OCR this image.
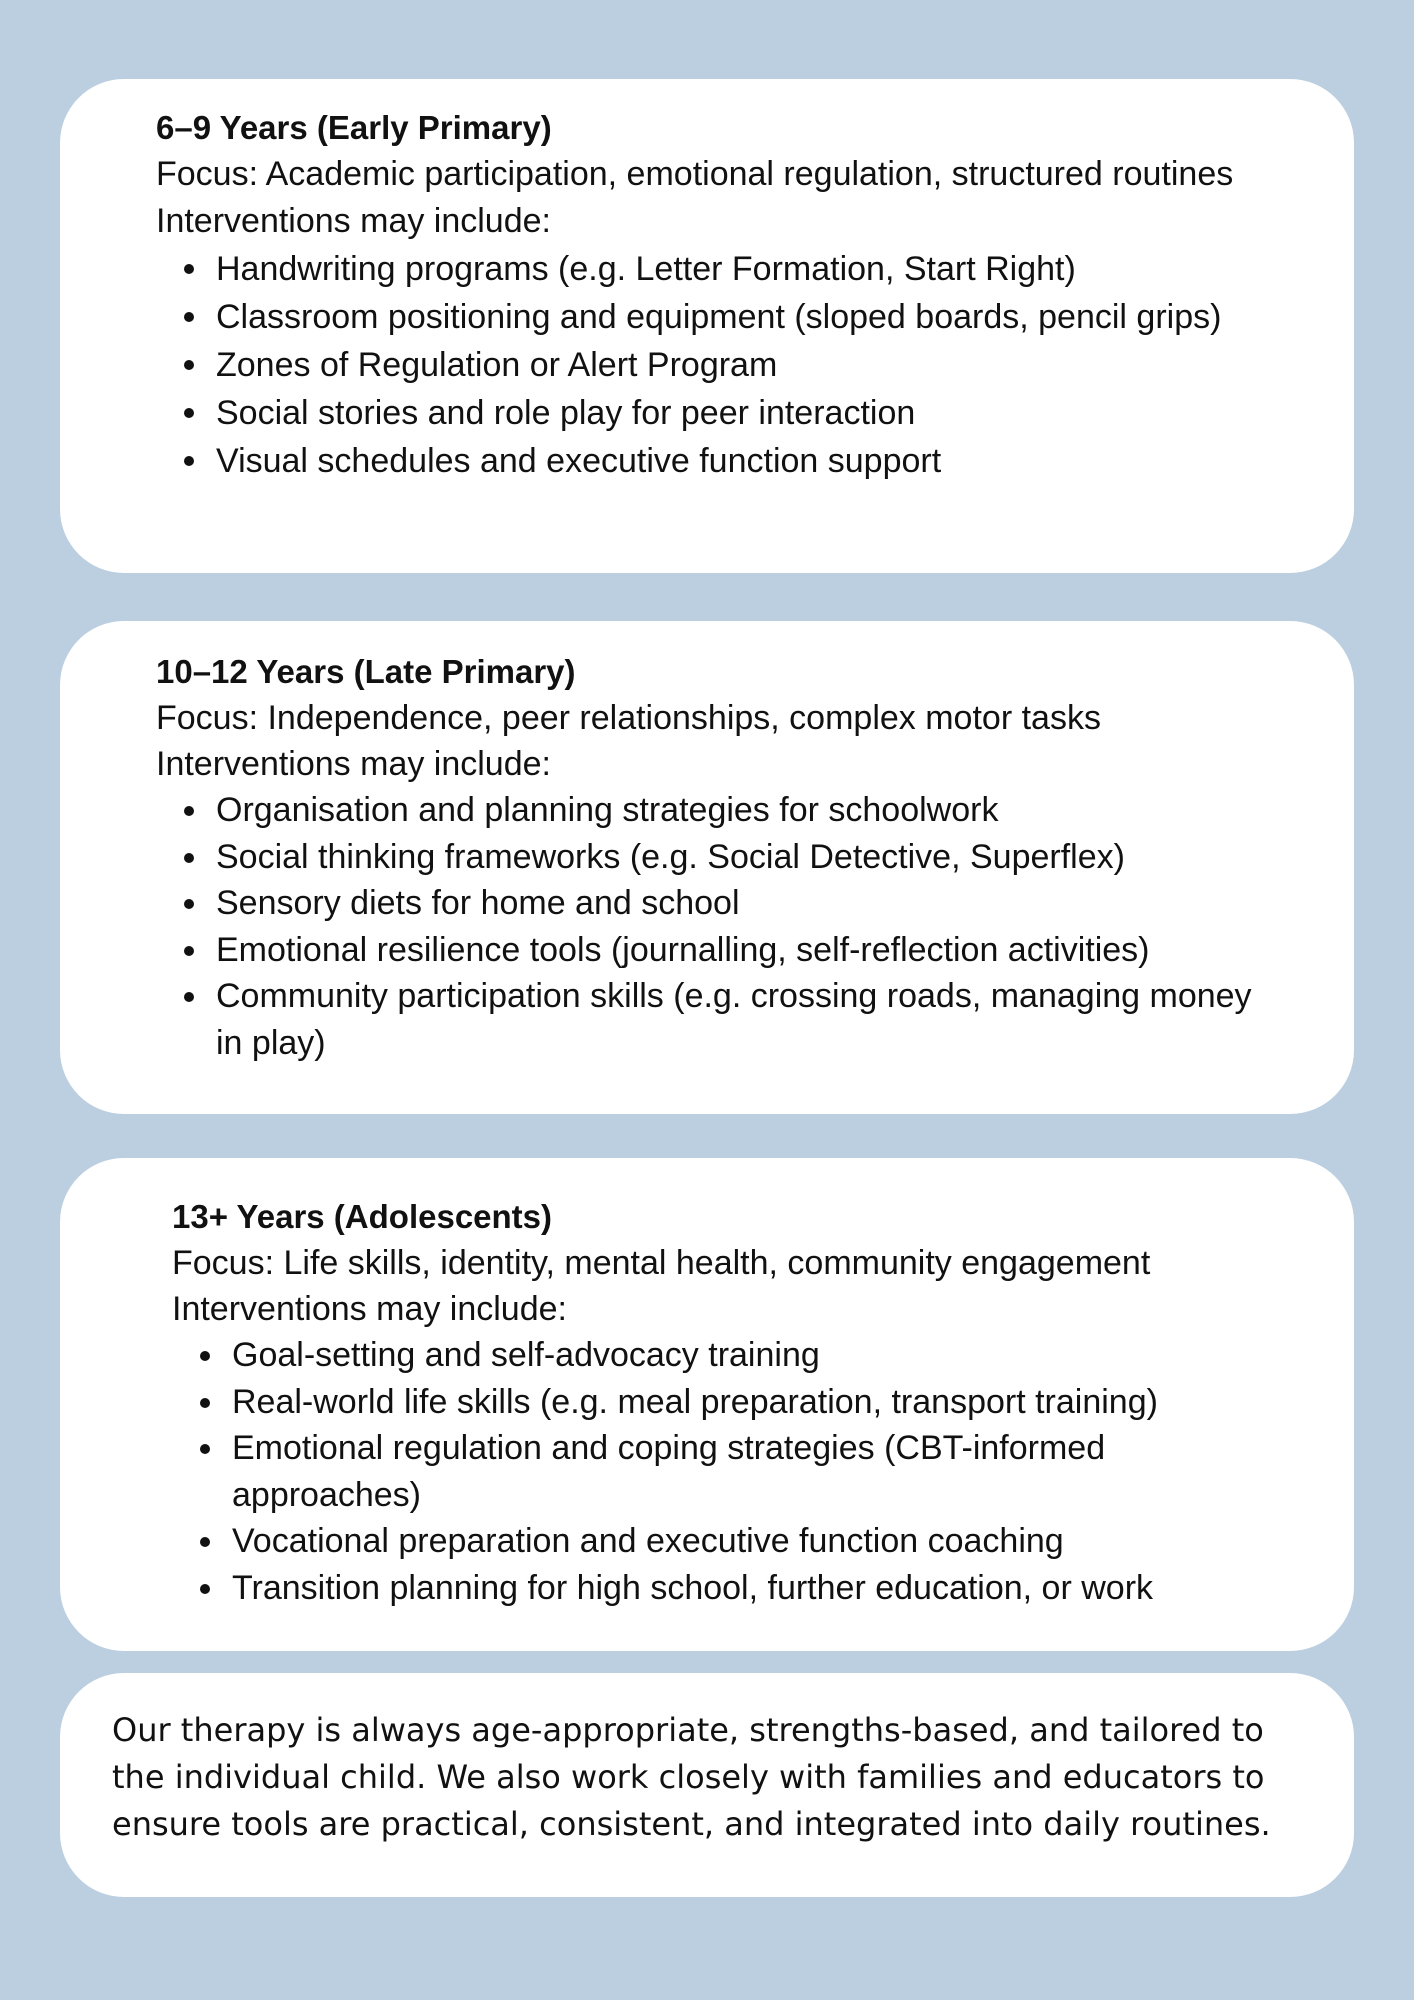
6–9 Years (Early Primary)

Focus: Academic participation, emotional regulation, structured routines

Interventions may include:

Handwriting programs (e.g. Letter Formation, Start Right)
Classroom positioning and equipment (sloped boards, pencil grips)
Zones of Regulation or Alert Program
Social stories and role play for peer interaction
Visual schedules and executive function support
10–12 Years (Late Primary)

Focus: Independence, peer relationships, complex motor tasks

Interventions may include:

Organisation and planning strategies for schoolwork
Social thinking frameworks (e.g. Social Detective, Superflex)
Sensory diets for home and school
Emotional resilience tools (journalling, self-reflection activities)
Community participation skills (e.g. crossing roads, managing money in play)
13+ Years (Adolescents)

Focus: Life skills, identity, mental health, community engagement

Interventions may include:

Goal-setting and self-advocacy training
Real-world life skills (e.g. meal preparation, transport training)
Emotional regulation and coping strategies (CBT-informed approaches)
Vocational preparation and executive function coaching
Transition planning for high school, further education, or work

Our therapy is always age-appropriate, strengths-based, and tailored to the individual child. We also work closely with families and educators to ensure tools are practical, consistent, and integrated into daily routines.
